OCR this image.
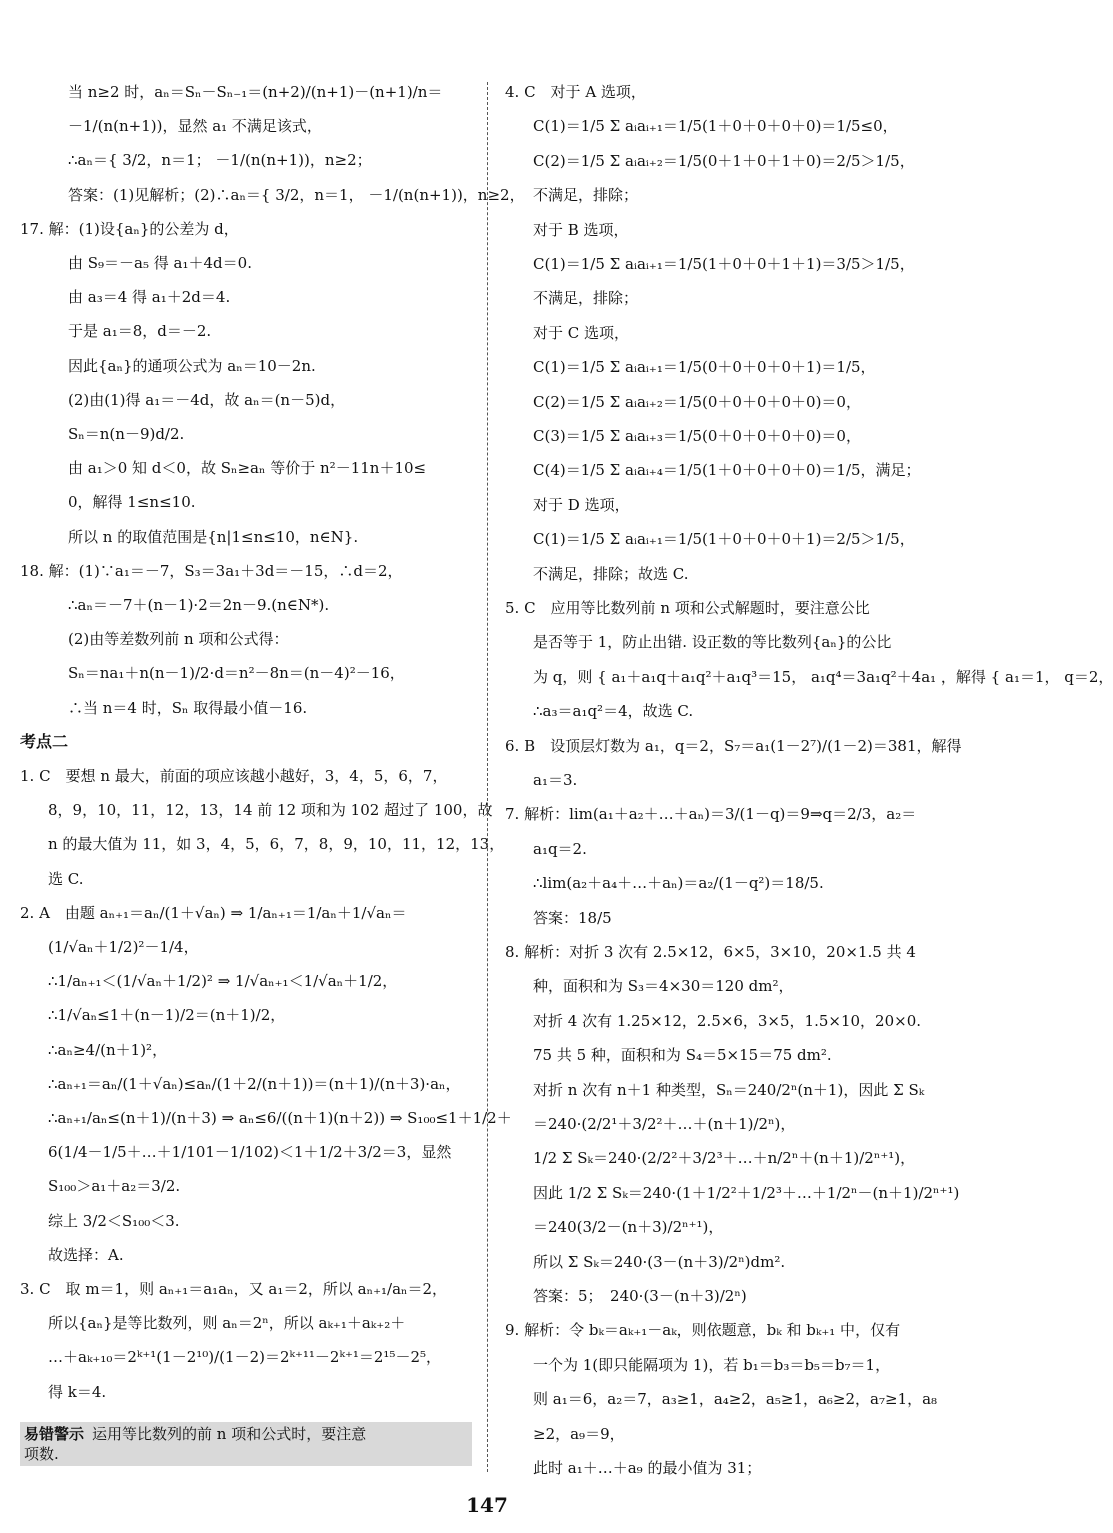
当 n≥2 时，aₙ＝Sₙ－Sₙ₋₁＝(n+2)/(n+1)－(n+1)/n＝
－1/(n(n+1))，显然 a₁ 不满足该式，
∴aₙ＝{ 3/2，n＝1； －1/(n(n+1))，n≥2；
答案：(1)见解析；(2)∴aₙ＝{ 3/2，n＝1， －1/(n(n+1))，n≥2，
17. 解：(1)设{aₙ}的公差为 d，
由 S₉＝－a₅ 得 a₁＋4d＝0.
由 a₃＝4 得 a₁＋2d＝4.
于是 a₁＝8，d＝－2.
因此{aₙ}的通项公式为 aₙ＝10－2n.
(2)由(1)得 a₁＝－4d，故 aₙ＝(n－5)d，
Sₙ＝n(n－9)d/2.
由 a₁＞0 知 d＜0，故 Sₙ≥aₙ 等价于 n²－11n＋10≤
0，解得 1≤n≤10.
所以 n 的取值范围是{n|1≤n≤10，n∈N}.
18. 解：(1)∵a₁＝－7，S₃＝3a₁＋3d＝－15，∴d＝2，
∴aₙ＝－7＋(n－1)·2＝2n－9.(n∈N*).
(2)由等差数列前 n 项和公式得：
Sₙ＝na₁＋n(n－1)/2·d＝n²－8n＝(n－4)²－16，
∴当 n＝4 时，Sₙ 取得最小值－16.
考点二
1. C　要想 n 最大，前面的项应该越小越好，3，4，5，6，7，
8，9，10，11，12，13，14 前 12 项和为 102 超过了 100，故
n 的最大值为 11，如 3，4，5，6，7，8，9，10，11，12，13，
选 C.
2. A　由题 aₙ₊₁＝aₙ/(1＋√aₙ) ⇒ 1/aₙ₊₁＝1/aₙ＋1/√aₙ＝
(1/√aₙ＋1/2)²－1/4，
∴1/aₙ₊₁＜(1/√aₙ＋1/2)² ⇒ 1/√aₙ₊₁＜1/√aₙ＋1/2，
∴1/√aₙ≤1＋(n－1)/2＝(n＋1)/2，
∴aₙ≥4/(n＋1)²，
∴aₙ₊₁＝aₙ/(1＋√aₙ)≤aₙ/(1＋2/(n＋1))＝(n＋1)/(n＋3)·aₙ，
∴aₙ₊₁/aₙ≤(n＋1)/(n＋3) ⇒ aₙ≤6/((n＋1)(n＋2)) ⇒ S₁₀₀≤1＋1/2＋
6(1/4－1/5＋…＋1/101－1/102)＜1＋1/2＋3/2＝3，显然
S₁₀₀＞a₁＋a₂＝3/2.
综上 3/2＜S₁₀₀＜3.
故选择：A.
3. C　取 m＝1，则 aₙ₊₁＝a₁aₙ，又 a₁＝2，所以 aₙ₊₁/aₙ＝2，
所以{aₙ}是等比数列，则 aₙ＝2ⁿ，所以 aₖ₊₁＋aₖ₊₂＋
…＋aₖ₊₁₀＝2ᵏ⁺¹(1－2¹⁰)/(1－2)＝2ᵏ⁺¹¹－2ᵏ⁺¹＝2¹⁵－2⁵，
得 k＝4.
易错警示 运用等比数列的前 n 项和公式时，要注意
项数.
4. C　对于 A 选项，
C(1)＝1/5 Σ aᵢaᵢ₊₁＝1/5(1＋0＋0＋0＋0)＝1/5≤0，
C(2)＝1/5 Σ aᵢaᵢ₊₂＝1/5(0＋1＋0＋1＋0)＝2/5＞1/5，
不满足，排除；
对于 B 选项，
C(1)＝1/5 Σ aᵢaᵢ₊₁＝1/5(1＋0＋0＋1＋1)＝3/5＞1/5，
不满足，排除；
对于 C 选项，
C(1)＝1/5 Σ aᵢaᵢ₊₁＝1/5(0＋0＋0＋0＋1)＝1/5，
C(2)＝1/5 Σ aᵢaᵢ₊₂＝1/5(0＋0＋0＋0＋0)＝0，
C(3)＝1/5 Σ aᵢaᵢ₊₃＝1/5(0＋0＋0＋0＋0)＝0，
C(4)＝1/5 Σ aᵢaᵢ₊₄＝1/5(1＋0＋0＋0＋0)＝1/5，满足；
对于 D 选项，
C(1)＝1/5 Σ aᵢaᵢ₊₁＝1/5(1＋0＋0＋0＋1)＝2/5＞1/5，
不满足，排除；故选 C.
5. C　应用等比数列前 n 项和公式解题时，要注意公比
是否等于 1，防止出错. 设正数的等比数列{aₙ}的公比
为 q，则 { a₁＋a₁q＋a₁q²＋a₁q³＝15， a₁q⁴＝3a₁q²＋4a₁ ，解得 { a₁＝1， q＝2，
∴a₃＝a₁q²＝4，故选 C.
6. B　设顶层灯数为 a₁，q＝2，S₇＝a₁(1－2⁷)/(1－2)＝381，解得
a₁＝3.
7. 解析：lim(a₁＋a₂＋…＋aₙ)＝3/(1－q)＝9⇒q＝2/3，a₂＝
a₁q＝2.
∴lim(a₂＋a₄＋…＋aₙ)＝a₂/(1－q²)＝18/5.
答案：18/5
8. 解析：对折 3 次有 2.5×12，6×5，3×10，20×1.5 共 4
种，面积和为 S₃＝4×30＝120 dm²，
对折 4 次有 1.25×12，2.5×6，3×5，1.5×10，20×0.
75 共 5 种，面积和为 S₄＝5×15＝75 dm².
对折 n 次有 n＋1 种类型，Sₙ＝240/2ⁿ(n＋1)，因此 Σ Sₖ
＝240·(2/2¹＋3/2²＋…＋(n＋1)/2ⁿ)，
1/2 Σ Sₖ＝240·(2/2²＋3/2³＋…＋n/2ⁿ＋(n＋1)/2ⁿ⁺¹)，
因此 1/2 Σ Sₖ＝240·(1＋1/2²＋1/2³＋…＋1/2ⁿ－(n＋1)/2ⁿ⁺¹)
＝240(3/2－(n＋3)/2ⁿ⁺¹)，
所以 Σ Sₖ＝240·(3－(n＋3)/2ⁿ)dm².
答案：5；　240·(3－(n＋3)/2ⁿ)
9. 解析：令 bₖ＝aₖ₊₁－aₖ，则依题意，bₖ 和 bₖ₊₁ 中，仅有
一个为 1(即只能隔项为 1)，若 b₁＝b₃＝b₅＝b₇＝1，
则 a₁＝6，a₂＝7，a₃≥1，a₄≥2，a₅≥1，a₆≥2，a₇≥1，a₈
≥2，a₉＝9，
此时 a₁＋…＋a₉ 的最小值为 31；
147
